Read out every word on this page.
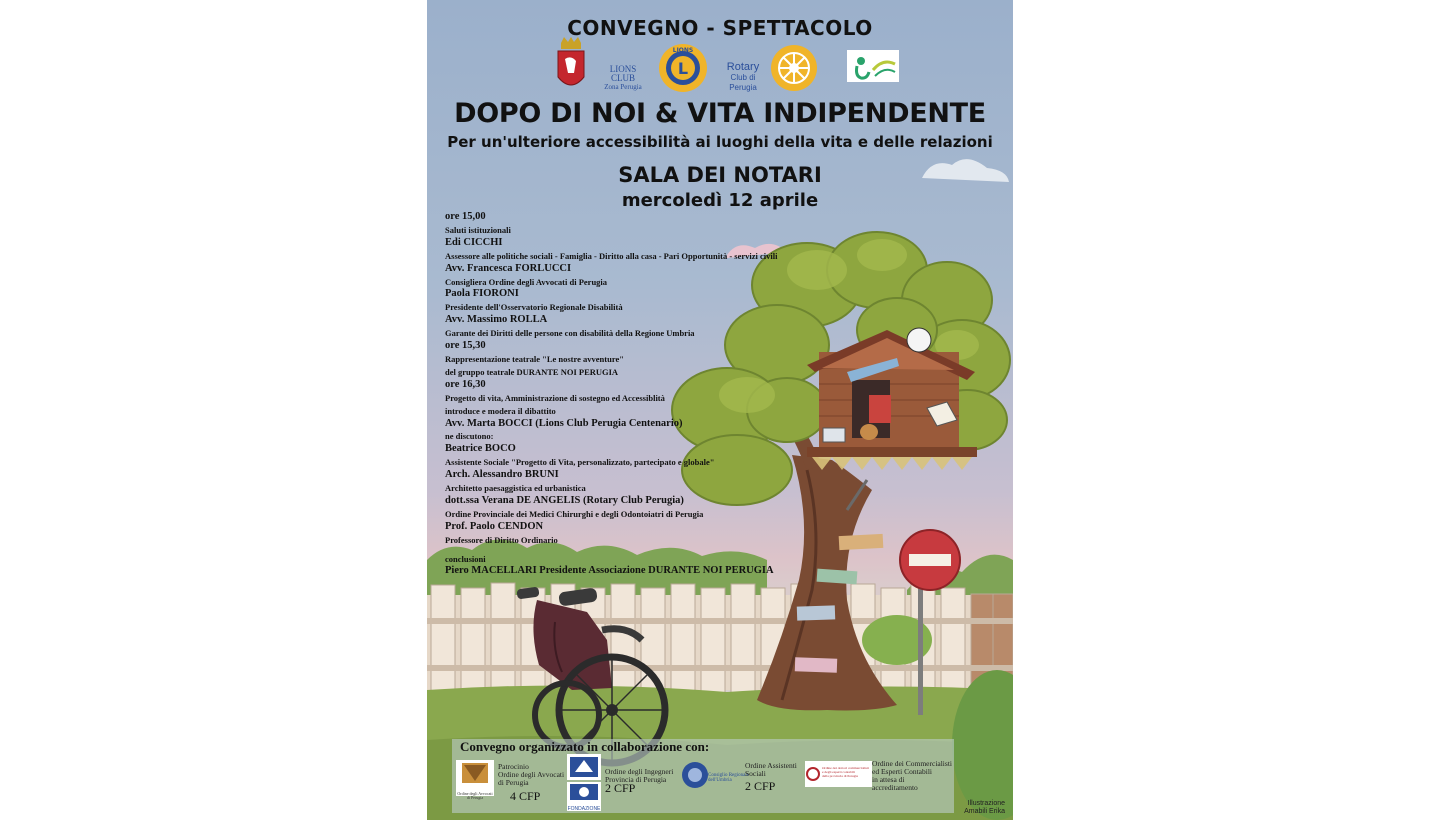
CONVEGNO - SPETTACOLO
LIONS CLUB
Zona Perugia
L
LIONS
Rotary
Club di Perugia
DOPO DI NOI & VITA INDIPENDENTE
Per un'ulteriore accessibilità ai luoghi della vita e delle relazioni
SALA DEI NOTARI
mercoledì 12 aprile
ore 15,00
Saluti istituzionali
Edi CICCHI
Assessore alle politiche sociali - Famiglia - Diritto alla casa - Pari Opportunità - servizi civili
Avv. Francesca FORLUCCI
Consigliera Ordine degli Avvocati di Perugia
Paola FIORONI
Presidente dell'Osservatorio Regionale Disabilità
Avv. Massimo ROLLA
Garante dei Diritti delle persone con disabilità della Regione Umbria
ore 15,30
Rappresentazione teatrale "Le nostre avventure"
del gruppo teatrale DURANTE NOI PERUGIA
ore 16,30
Progetto di vita, Amministrazione di sostegno ed Accessiblità
introduce e modera il dibattito
Avv. Marta BOCCI (Lions Club Perugia Centenario)
ne discutono:
Beatrice BOCO
Assistente Sociale "Progetto di Vita, personalizzato, partecipato e globale"
Arch. Alessandro BRUNI
Architetto paesaggistica ed urbanistica
dott.ssa Verana DE ANGELIS (Rotary Club Perugia)
Ordine Provinciale dei Medici Chirurghi e degli Odontoiatri di Perugia
Prof. Paolo CENDON
Professore di Diritto Ordinario
conclusioni
Piero MACELLARI Presidente Associazione DURANTE NOI PERUGIA
Convegno organizzato in collaborazione con:
Ordine degli Avvocati di Perugia
Patrocinio
Ordine degli Avvocati
di Perugia
4 CFP
FONDAZIONE
Ordine degli Ingegneri
Provincia di Perugia
2 CFP
Consiglio Regionale
dell'Umbria
Ordine Assistenti
Sociali
2 CFP
Ordine dei dottori commercialisti
e degli esperti contabili
della provincia di Perugia
Ordine dei Commercialisti
ed Esperti Contabili
in attesa di
accreditamento
Illustrazione
Amabili Erika
